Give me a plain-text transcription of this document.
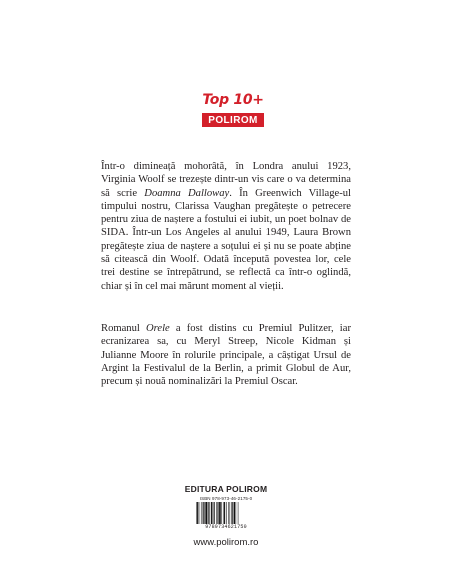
Top 10+
POLIROM

Într-o dimineață mohorâtă, în Londra anului 1923, Virginia Woolf se trezește dintr-un vis care o va determina să scrie Doamna Dalloway. În Greenwich Village-ul timpului nostru, Clarissa Vaughan pregătește o petrecere pentru ziua de naștere a fostului ei iubit, un poet bolnav de SIDA. Într-un Los Angeles al anului 1949, Laura Brown pregătește ziua de naștere a soțului ei și nu se poate abține să citească din Woolf. Odată începută povestea lor, cele trei destine se întrepătrund, se reflectă ca într-o oglindă, chiar și în cel mai mărunt moment al vieții.

Romanul Orele a fost distins cu Premiul Pulitzer, iar ecranizarea sa, cu Meryl Streep, Nicole Kidman și Julianne Moore în rolurile principale, a câștigat Ursul de Argint la Festivalul de la Berlin, a primit Globul de Aur, precum și nouă nominalizări la Premiul Oscar.

EDITURA POLIROM
ISBN 978-973-46-2175-0
9789734621750
www.polirom.ro
